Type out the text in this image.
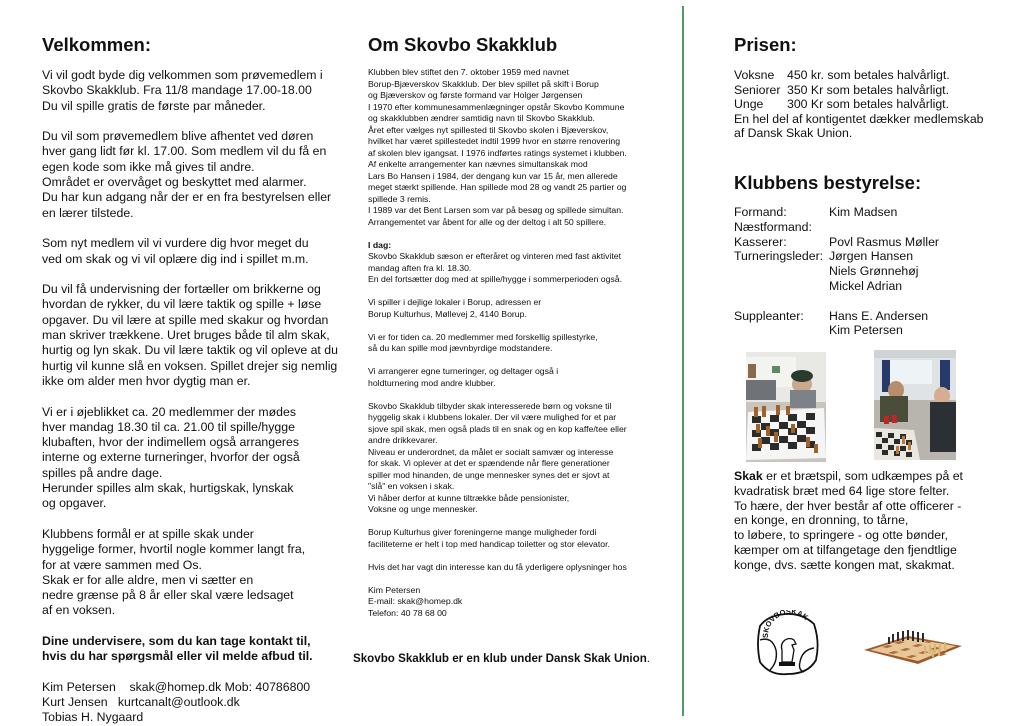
Velkommen:
Vi vil godt byde dig velkommen som prøvemedlem i
Skovbo Skakklub. Fra 11/8 mandage 17.00-18.00
Du vil spille gratis de første par måneder.
Du vil som prøvemedlem blive afhentet ved døren
hver gang lidt før kl. 17.00. Som medlem vil du få en
egen kode som ikke må gives til andre.
Området er overvåget og beskyttet med alarmer.
Du har kun adgang når der er en fra bestyrelsen eller
en lærer tilstede.
Som nyt medlem vil vi vurdere dig hvor meget du
ved om skak og vi vil oplære dig ind i spillet m.m.
Du vil få undervisning der fortæller om brikkerne og
hvordan de rykker, du vil lære taktik og spille + løse
opgaver. Du vil lære at spille med skakur og hvordan
man skriver trækkene. Uret bruges både til alm skak,
hurtig og lyn skak. Du vil lære taktik og vil opleve at du
hurtig vil kunne slå en voksen. Spillet drejer sig nemlig
ikke om alder men hvor dygtig man er.
Vi er i øjeblikket ca. 20 medlemmer der mødes
hver mandag 18.30 til ca. 21.00 til spille/hygge
klubaften, hvor der indimellem også arrangeres
interne og externe turneringer, hvorfor der også
spilles på andre dage.
Herunder spilles alm skak, hurtigskak, lynskak
og opgaver.
Klubbens formål er at spille skak under
hyggelige former, hvortil nogle kommer langt fra,
for at være sammen med Os.
Skak er for alle aldre, men vi sætter en
nedre grænse på 8 år eller skal være ledsaget
af en voksen.
Dine undervisere, som du kan tage kontakt til,
hvis du har spørgsmål eller vil melde afbud til.
Kim Petersen    skak@homep.dk Mob: 40786800
Kurt Jensen   kurtcanalt@outlook.dk
Tobias H. Nygaard
Om Skovbo Skakklub
Klubben blev stiftet den 7. oktober 1959 med navnet
Borup-Bjæverskov Skakklub. Der blev spillet på skift i Borup
og Bjæverskov og første formand var Holger Jørgensen
I 1970 efter kommunesammenlægninger opstår Skovbo Kommune
og skakklubben ændrer samtidig navn til Skovbo Skakklub.
Året efter vælges nyt spillested til Skovbo skolen i Bjæverskov,
hvilket har været spillestedet indtil 1999 hvor en større renovering
af skolen blev igangsat. I 1976 indførtes ratings systemet i klubben.
Af enkelte arrangementer kan nævnes simultanskak mod
Lars Bo Hansen i 1984, der dengang kun var 15 år, men allerede
meget stærkt spillende. Han spillede mod 28 og vandt 25 partier og
spillede 3 remis.
I 1989 var det Bent Larsen som var på besøg og spillede simultan.
Arrangementet var åbent for alle og der deltog i alt 50 spillere.
I dag:
Skovbo Skakklub sæson er efteråret og vinteren med fast aktivitet
mandag aften fra kl. 18.30.
En del fortsætter dog med at spille/hygge i sommerperioden også.
Vi spiller i dejlige lokaler i Borup, adressen er
Borup Kulturhus, Møllevej 2, 4140 Borup.
Vi er for tiden ca. 20 medlemmer med forskellig spillestyrke,
så du kan spille mod jævnbyrdige modstandere.
Vi arrangerer egne turneringer, og deltager også i
holdturnering mod andre klubber.
Skovbo Skakklub tilbyder skak interesserede børn og voksne til
hyggelig skak i klubbens lokaler. Der vil være mulighed for et par
sjove spil skak, men også plads til en snak og en kop kaffe/tee eller
andre drikkevarer.
Niveau er underordnet, da målet er socialt samvær og interesse
for skak. Vi oplever at det er spændende når flere generationer
spiller mod hinanden, de unge mennesker synes det er sjovt at
"slå" en voksen i skak.
Vi håber derfor at kunne tiltrække både pensionister,
Voksne og unge mennesker.
Borup Kulturhus giver foreningerne mange muligheder fordi
faciliteterne er helt i top med handicap toiletter og stor elevator.
Hvis det har vagt din interesse kan du få yderligere oplysninger hos
Kim Petersen
E-mail: skak@homep.dk
Telefon: 40 78 68 00
Skovbo Skakklub er en klub under Dansk Skak Union.
Prisen:
Voksne	450 kr. som betales halvårligt.
Seniorer	350 Kr som betales halvårligt.
Unge	300 Kr som betales halvårligt.
En hel del af kontigentet dækker medlemskab
af Dansk Skak Union.
Klubbens bestyrelse:
Formand:	Kim Madsen
Næstformand:
Kasserer:	Povl Rasmus Møller
Turneringsleder: Jørgen Hansen
Niels Grønnehøj
Mickel Adrian
Suppleanter:	Hans E. Andersen
Kim Petersen
Skak er et brætspil, som udkæmpes på et
kvadratisk bræt med 64 lige store felter.
To hære, der hver består af otte officerer -
en konge, en dronning, to tårne,
to løbere, to springere - og otte bønder,
kæmper om at tilfangetage den fjendtlige
konge, dvs. sætte kongen mat, skakmat.
SKOVBOSKAK
